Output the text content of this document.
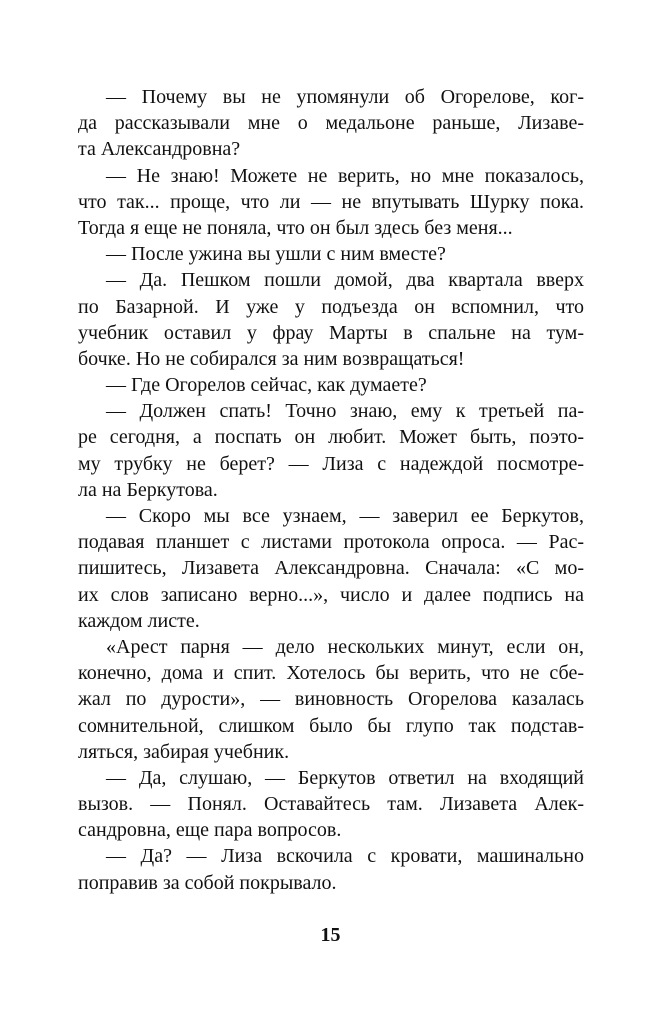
— Почему вы не упомянули об Огорелове, ког-
да рассказывали мне о медальоне раньше, Лизаве-
та Александровна?
— Не знаю! Можете не верить, но мне показалось,
что так... проще, что ли — не впутывать Шурку пока.
Тогда я еще не поняла, что он был здесь без меня...
— После ужина вы ушли с ним вместе?
— Да. Пешком пошли домой, два квартала вверх
по Базарной. И уже у подъезда он вспомнил, что
учебник оставил у фрау Марты в спальне на тум-
бочке. Но не собирался за ним возвращаться!
— Где Огорелов сейчас, как думаете?
— Должен спать! Точно знаю, ему к третьей па-
ре сегодня, а поспать он любит. Может быть, поэто-
му трубку не берет? — Лиза с надеждой посмотре-
ла на Беркутова.
— Скоро мы все узнаем, — заверил ее Беркутов,
подавая планшет с листами протокола опроса. — Рас-
пишитесь, Лизавета Александровна. Сначала: «С мо-
их слов записано верно...», число и далее подпись на
каждом листе.
«Арест парня — дело нескольких минут, если он,
конечно, дома и спит. Хотелось бы верить, что не сбе-
жал по дурости», — виновность Огорелова казалась
сомнительной, слишком было бы глупо так подстав-
ляться, забирая учебник.
— Да, слушаю, — Беркутов ответил на входящий
вызов. — Понял. Оставайтесь там. Лизавета Алек-
сандровна, еще пара вопросов.
— Да? — Лиза вскочила с кровати, машинально
поправив за собой покрывало.
15
